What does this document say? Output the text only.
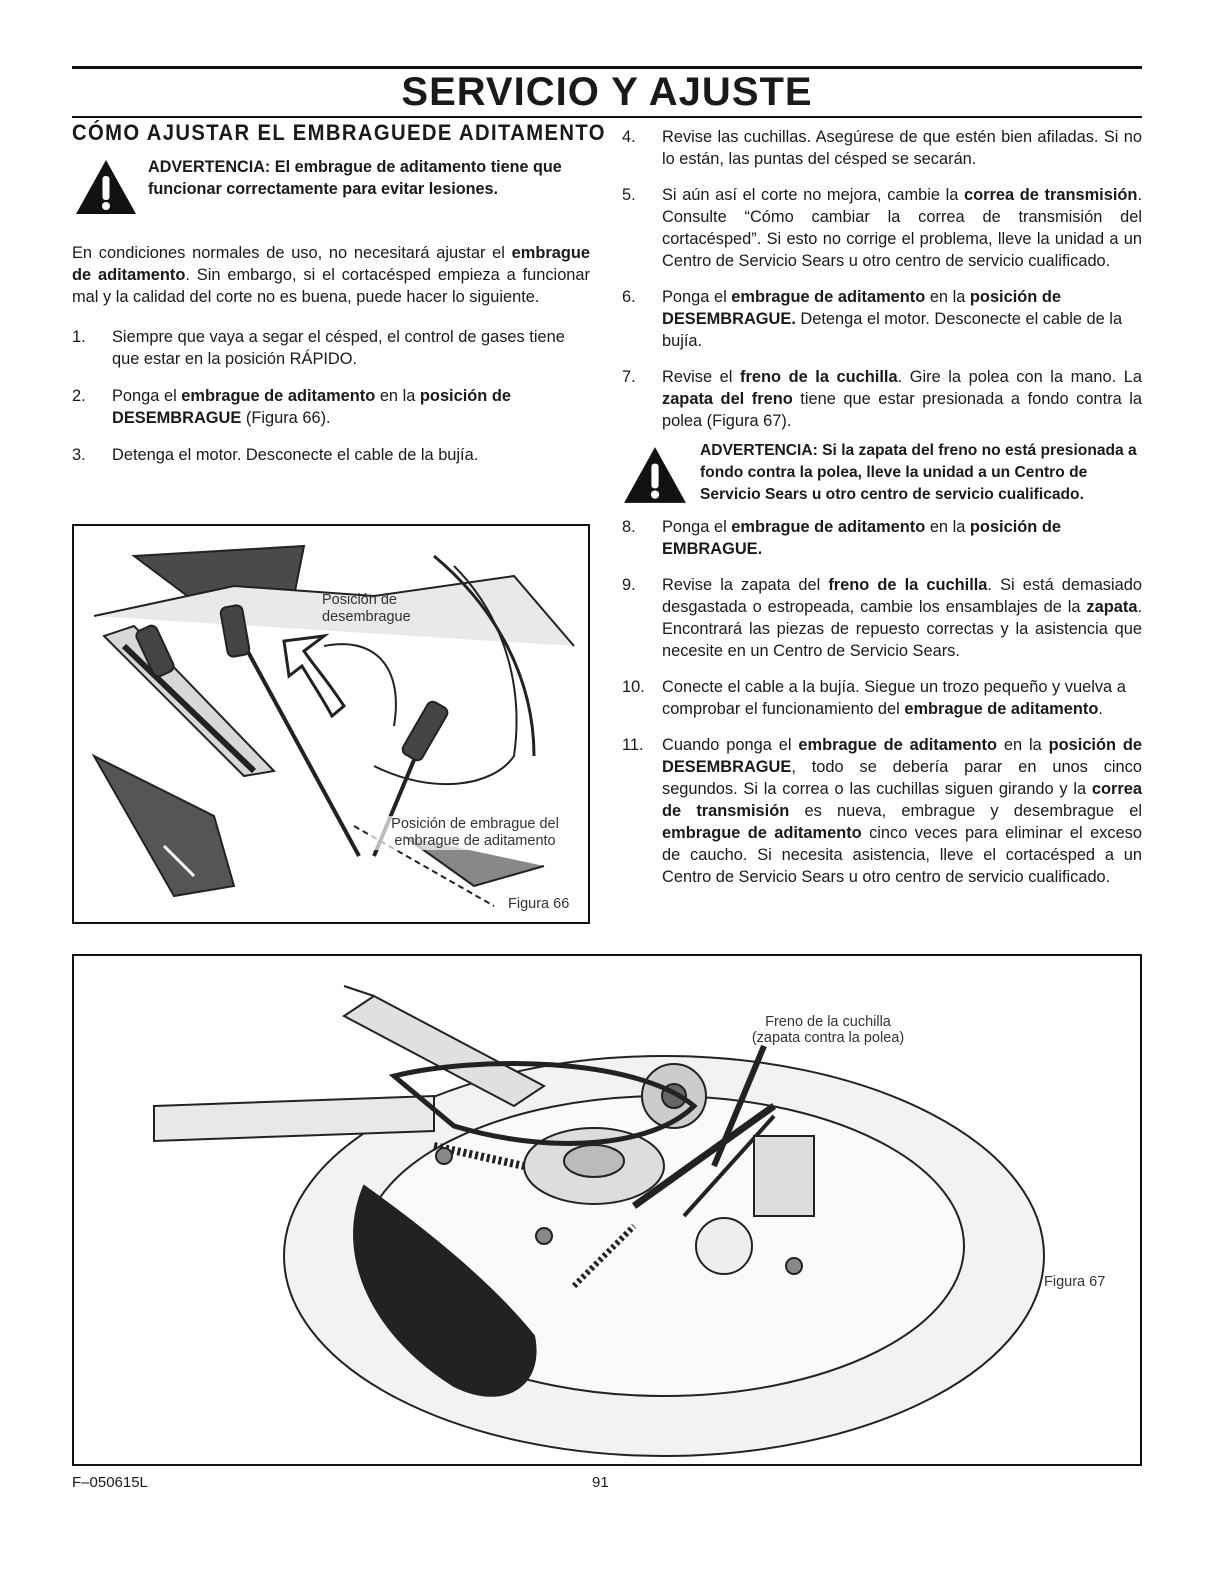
SERVICIO Y AJUSTE
CÓMO AJUSTAR EL EMBRAGUEDE ADITAMENTO
ADVERTENCIA: El embrague de aditamento tiene que funcionar correctamente para evitar lesiones.

En condiciones normales de uso, no necesitará ajustar el embrague de aditamento. Sin embargo, si el cortacésped empieza a funcionar mal y la calidad del corte no es buena, puede hacer lo siguiente.

1.	Siempre que vaya a segar el césped, el control de gases tiene que estar en la posición RÁPIDO.
2.	Ponga el embrague de aditamento en la posición de DESEMBRAGUE (Figura 66).
3.	Detenga el motor. Desconecte el cable de la bujía.
Posición de desembrague
Posición de embrague del embrague de aditamento
Figura 66
4.	Revise las cuchillas. Asegúrese de que estén bien afiladas. Si no lo están, las puntas del césped se secarán.
5.	Si aún así el corte no mejora, cambie la correa de transmisión. Consulte “Cómo cambiar la correa de transmisión del cortacésped”. Si esto no corrige el problema, lleve la unidad a un Centro de Servicio Sears u otro centro de servicio cualificado.
6.	Ponga el embrague de aditamento en la posición de DESEMBRAGUE. Detenga el motor. Desconecte el cable de la bujía.
7.	Revise el freno de la cuchilla. Gire la polea con la mano. La zapata del freno tiene que estar presionada a fondo contra la polea (Figura 67).
ADVERTENCIA: Si la zapata del freno no está presionada a fondo contra la polea, lleve la unidad a un Centro de Servicio Sears u otro centro de servicio cualificado.
8.	Ponga el embrague de aditamento en la posición de EMBRAGUE.
9.	Revise la zapata del freno de la cuchilla. Si está demasiado desgastada o estropeada, cambie los ensamblajes de la zapata. Encontrará las piezas de repuesto correctas y la asistencia que necesite en un Centro de Servicio Sears.
10.	Conecte el cable a la bujía. Siegue un trozo pequeño y vuelva a comprobar el funcionamiento del embrague de aditamento.
11.	Cuando ponga el embrague de aditamento en la posición de DESEMBRAGUE, todo se debería parar en unos cinco segundos. Si la correa o las cuchillas siguen girando y la correa de transmisión es nueva, embrague y desembrague el embrague de aditamento cinco veces para eliminar el exceso de caucho. Si necesita asistencia, lleve el cortacésped a un Centro de Servicio Sears u otro centro de servicio cualificado.
Freno de la cuchilla
(zapata contra la polea)
Figura 67
F–050615L	91
